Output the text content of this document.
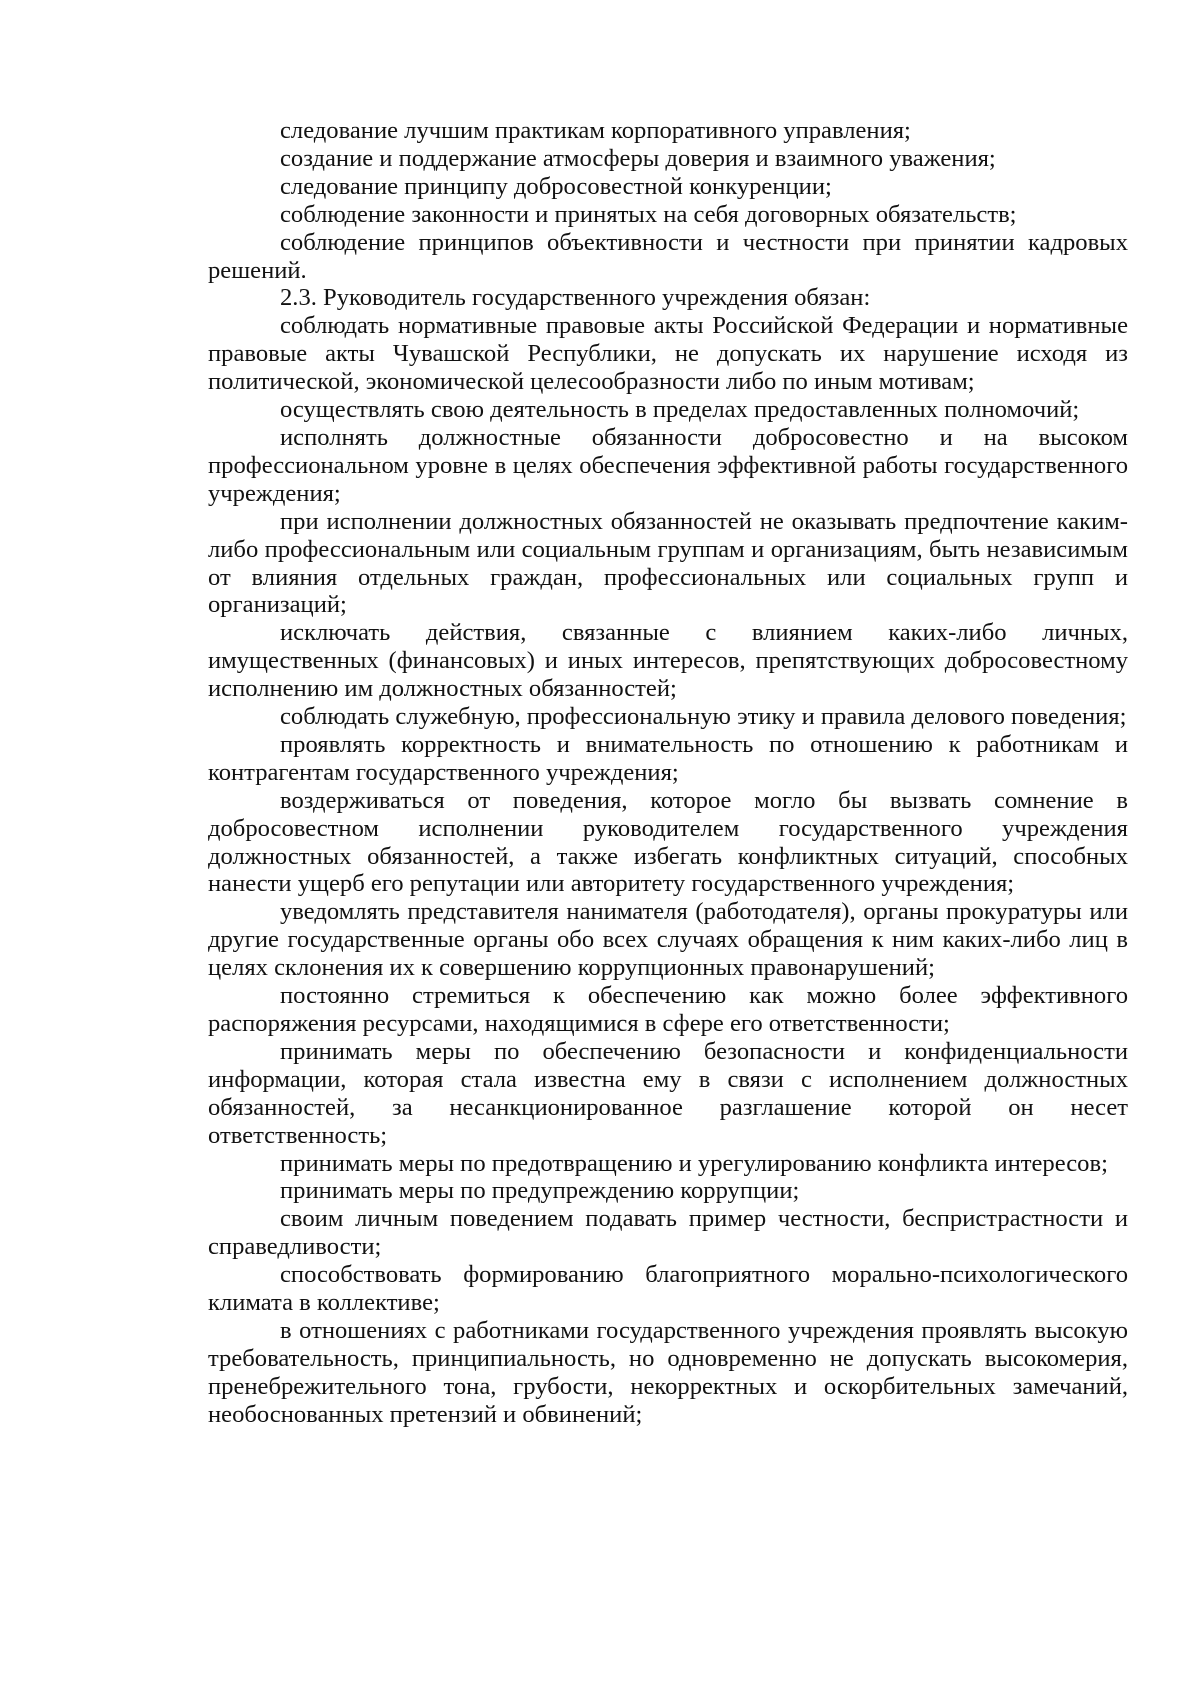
следование лучшим практикам корпоративного управления;

создание и поддержание атмосферы доверия и взаимного уважения;

следование принципу добросовестной конкуренции;

соблюдение законности и принятых на себя договорных обязательств;

соблюдение принципов объективности и честности при принятии кадровых решений.

2.3. Руководитель государственного учреждения обязан:

соблюдать нормативные правовые акты Российской Федерации и нормативные правовые акты Чувашской Республики, не допускать их нарушение исходя из политической, экономической целесообразности либо по иным мотивам;

осуществлять свою деятельность в пределах предоставленных полномочий;

исполнять должностные обязанности добросовестно и на высоком профессиональном уровне в целях обеспечения эффективной работы государственного учреждения;

при исполнении должностных обязанностей не оказывать предпочтение каким-либо профессиональным или социальным группам и организациям, быть независимым от влияния отдельных граждан, профессиональных или социальных групп и организаций;

исключать действия, связанные с влиянием каких-либо личных, имущественных (финансовых) и иных интересов, препятствующих добросовестному исполнению им должностных обязанностей;

соблюдать служебную, профессиональную этику и правила делового поведения;

проявлять корректность и внимательность по отношению к работникам и контрагентам государственного учреждения;

воздерживаться от поведения, которое могло бы вызвать сомнение в добросовестном исполнении руководителем государственного учреждения должностных обязанностей, а также избегать конфликтных ситуаций, способных нанести ущерб его репутации или авторитету государственного учреждения;

уведомлять представителя нанимателя (работодателя), органы прокуратуры или другие государственные органы обо всех случаях обращения к ним каких-либо лиц в целях склонения их к совершению коррупционных правонарушений;

постоянно стремиться к обеспечению как можно более эффективного распоряжения ресурсами, находящимися в сфере его ответственности;

принимать меры по обеспечению безопасности и конфиденциальности информации, которая стала известна ему в связи с исполнением должностных обязанностей, за несанкционированное разглашение которой он несет ответственность;

принимать меры по предотвращению и урегулированию конфликта интересов;

принимать меры по предупреждению коррупции;

своим личным поведением подавать пример честности, беспристрастности и справедливости;

способствовать формированию благоприятного морально-психологического климата в коллективе;

в отношениях с работниками государственного учреждения проявлять высокую требовательность, принципиальность, но одновременно не допускать высокомерия, пренебрежительного тона, грубости, некорректных и оскорбительных замечаний, необоснованных претензий и обвинений;
